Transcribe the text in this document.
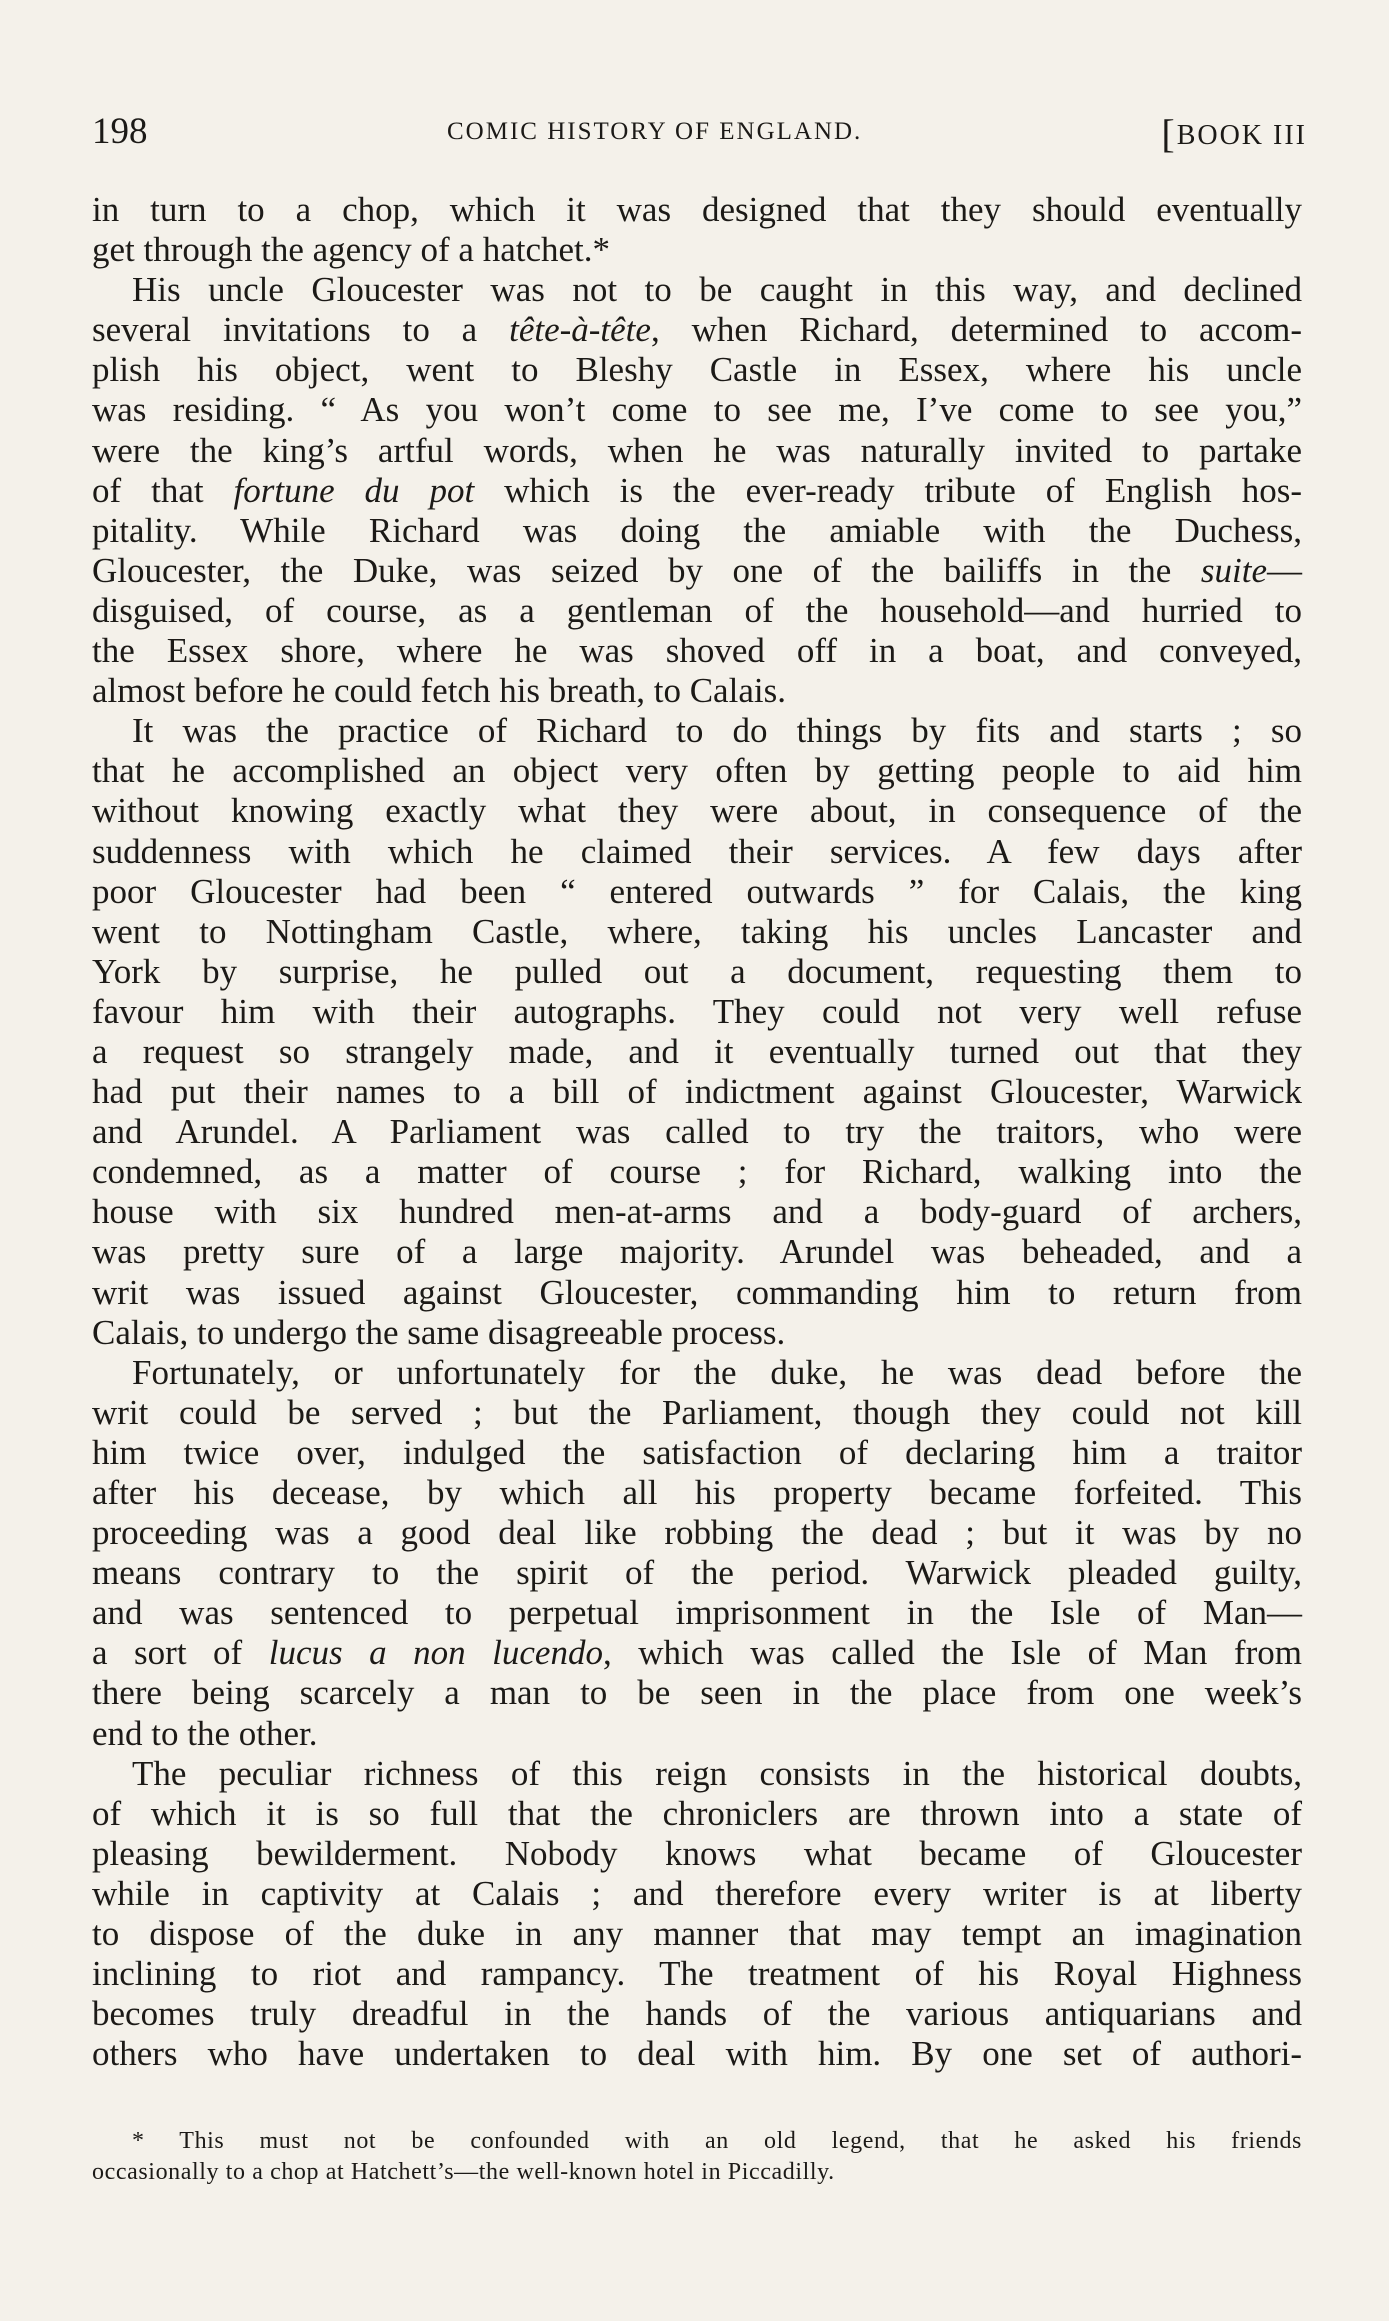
198	COMIC HISTORY OF ENGLAND.	[BOOK III
in turn to a chop, which it was designed that they should eventually
get through the agency of a hatchet.*
His uncle Gloucester was not to be caught in this way, and declined
several invitations to a tête-à-tête, when Richard, determined to accom-
plish his object, went to Bleshy Castle in Essex, where his uncle
was residing. “ As you won’t come to see me, I’ve come to see you,”
were the king’s artful words, when he was naturally invited to partake
of that fortune du pot which is the ever-ready tribute of English hos-
pitality. While Richard was doing the amiable with the Duchess,
Gloucester, the Duke, was seized by one of the bailiffs in the suite—
disguised, of course, as a gentleman of the household—and hurried to
the Essex shore, where he was shoved off in a boat, and conveyed,
almost before he could fetch his breath, to Calais.
It was the practice of Richard to do things by fits and starts ; so
that he accomplished an object very often by getting people to aid him
without knowing exactly what they were about, in consequence of the
suddenness with which he claimed their services. A few days after
poor Gloucester had been “ entered outwards ” for Calais, the king
went to Nottingham Castle, where, taking his uncles Lancaster and
York by surprise, he pulled out a document, requesting them to
favour him with their autographs. They could not very well refuse
a request so strangely made, and it eventually turned out that they
had put their names to a bill of indictment against Gloucester, Warwick
and Arundel. A Parliament was called to try the traitors, who were
condemned, as a matter of course ; for Richard, walking into the
house with six hundred men-at-arms and a body-guard of archers,
was pretty sure of a large majority. Arundel was beheaded, and a
writ was issued against Gloucester, commanding him to return from
Calais, to undergo the same disagreeable process.
Fortunately, or unfortunately for the duke, he was dead before the
writ could be served ; but the Parliament, though they could not kill
him twice over, indulged the satisfaction of declaring him a traitor
after his decease, by which all his property became forfeited. This
proceeding was a good deal like robbing the dead ; but it was by no
means contrary to the spirit of the period. Warwick pleaded guilty,
and was sentenced to perpetual imprisonment in the Isle of Man—
a sort of lucus a non lucendo, which was called the Isle of Man from
there being scarcely a man to be seen in the place from one week’s
end to the other.
The peculiar richness of this reign consists in the historical doubts,
of which it is so full that the chroniclers are thrown into a state of
pleasing bewilderment. Nobody knows what became of Gloucester
while in captivity at Calais ; and therefore every writer is at liberty
to dispose of the duke in any manner that may tempt an imagination
inclining to riot and rampancy. The treatment of his Royal Highness
becomes truly dreadful in the hands of the various antiquarians and
others who have undertaken to deal with him. By one set of authori-
* This must not be confounded with an old legend, that he asked his friends
occasionally to a chop at Hatchett’s—the well-known hotel in Piccadilly.
